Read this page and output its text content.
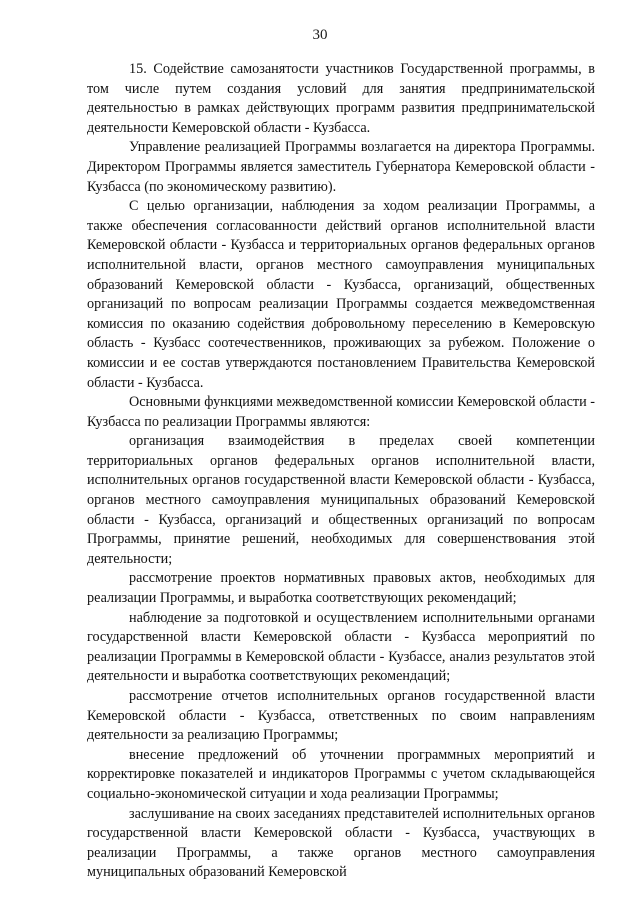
30

15. Содействие самозанятости участников Государственной программы, в том числе путем создания условий для занятия предпринимательской деятельностью в рамках действующих программ развития предпринимательской деятельности Кемеровской области - Кузбасса.

Управление реализацией Программы возлагается на директора Программы. Директором Программы является заместитель Губернатора Кемеровской области - Кузбасса (по экономическому развитию).

С целью организации, наблюдения за ходом реализации Программы, а также обеспечения согласованности действий органов исполнительной власти Кемеровской области - Кузбасса и территориальных органов федеральных органов исполнительной власти, органов местного самоуправления муниципальных образований Кемеровской области - Кузбасса, организаций, общественных организаций по вопросам реализации Программы создается межведомственная комиссия по оказанию содействия добровольному переселению в Кемеровскую область - Кузбасс соотечественников, проживающих за рубежом. Положение о комиссии и ее состав утверждаются постановлением Правительства Кемеровской области - Кузбасса.

Основными функциями межведомственной комиссии Кемеровской области - Кузбасса по реализации Программы являются:

организация взаимодействия в пределах своей компетенции территориальных органов федеральных органов исполнительной власти, исполнительных органов государственной власти Кемеровской области - Кузбасса, органов местного самоуправления муниципальных образований Кемеровской области - Кузбасса, организаций и общественных организаций по вопросам Программы, принятие решений, необходимых для совершенствования этой деятельности;

рассмотрение проектов нормативных правовых актов, необходимых для реализации Программы, и выработка соответствующих рекомендаций;

наблюдение за подготовкой и осуществлением исполнительными органами государственной власти Кемеровской области - Кузбасса мероприятий по реализации Программы в Кемеровской области - Кузбассе, анализ результатов этой деятельности и выработка соответствующих рекомендаций;

рассмотрение отчетов исполнительных органов государственной власти Кемеровской области - Кузбасса, ответственных по своим направлениям деятельности за реализацию Программы;

внесение предложений об уточнении программных мероприятий и корректировке показателей и индикаторов Программы с учетом складывающейся социально-экономической ситуации и хода реализации Программы;

заслушивание на своих заседаниях представителей исполнительных органов государственной власти Кемеровской области - Кузбасса, участвующих в реализации Программы, а также органов местного самоуправления муниципальных образований Кемеровской
